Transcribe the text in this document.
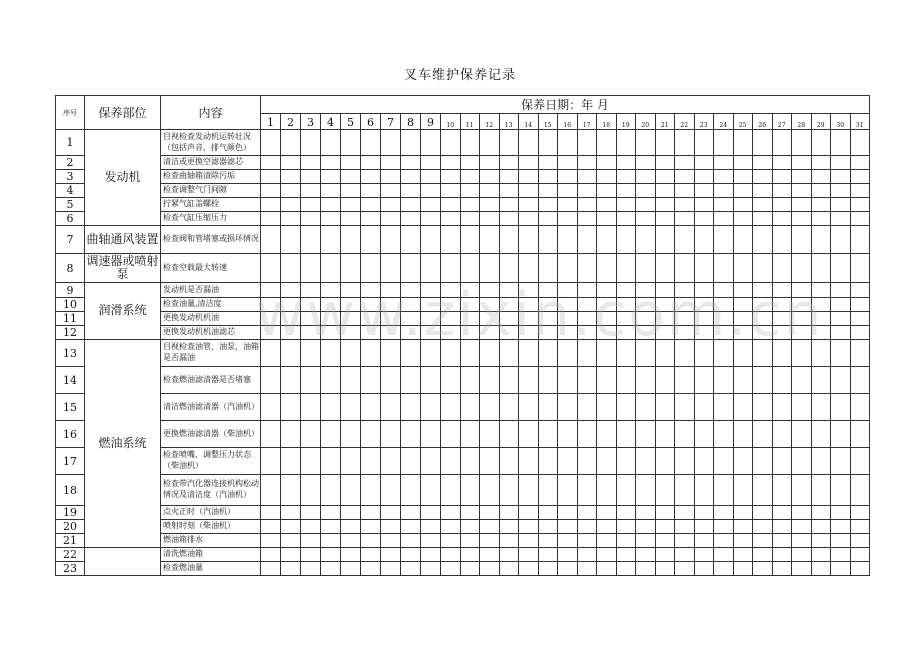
叉车维护保养记录
序号	保养部位	内容	保养日期：年 月																														
			1	2	3	4	5	6	7	8	9	10	11	12	13	14	15	16	17	18	19	20	21	22	23	24	25	26	27	28	29	30	31
1	发动机	目视检查发动机运转壮况（包括声音，排气颜色）																															
2		清洁或更换空滤器滤芯																															
3		检查曲轴箱清除污垢																															
4		检查调整气门间隙																															
5		拧紧气缸盖螺栓																															
6		检查气缸压缩压力																															
7	曲轴通风装置	检查阀和管堵塞或损坏情况																															
8	调速器或喷射泵	检查空载最大转速																															
9	润滑系统	发动机是否漏油																															
10		检查油量,清洁度																															
11		更换发动机机油																															
12		更换发动机机油滤芯																															
13	燃油系统	目视检查油管，油泵，油箱是否漏油																															
14		检查燃油滤清器是否堵塞																															
15		清洁燃油滤清器（汽油机）																															
16		更换燃油滤清器（柴油机）																															
17		检查喷嘴，调整压力状态（柴油机）																															
18		检查带汽化器连接机构松动情况及清洁度（汽油机）																															
19		点火正时（汽油机）																															
20		喷射时刻（柴油机）																															
21		燃油箱排水																															
22		清洗燃油箱																															
23		检查燃油量																															
www.zixin.com.cn
